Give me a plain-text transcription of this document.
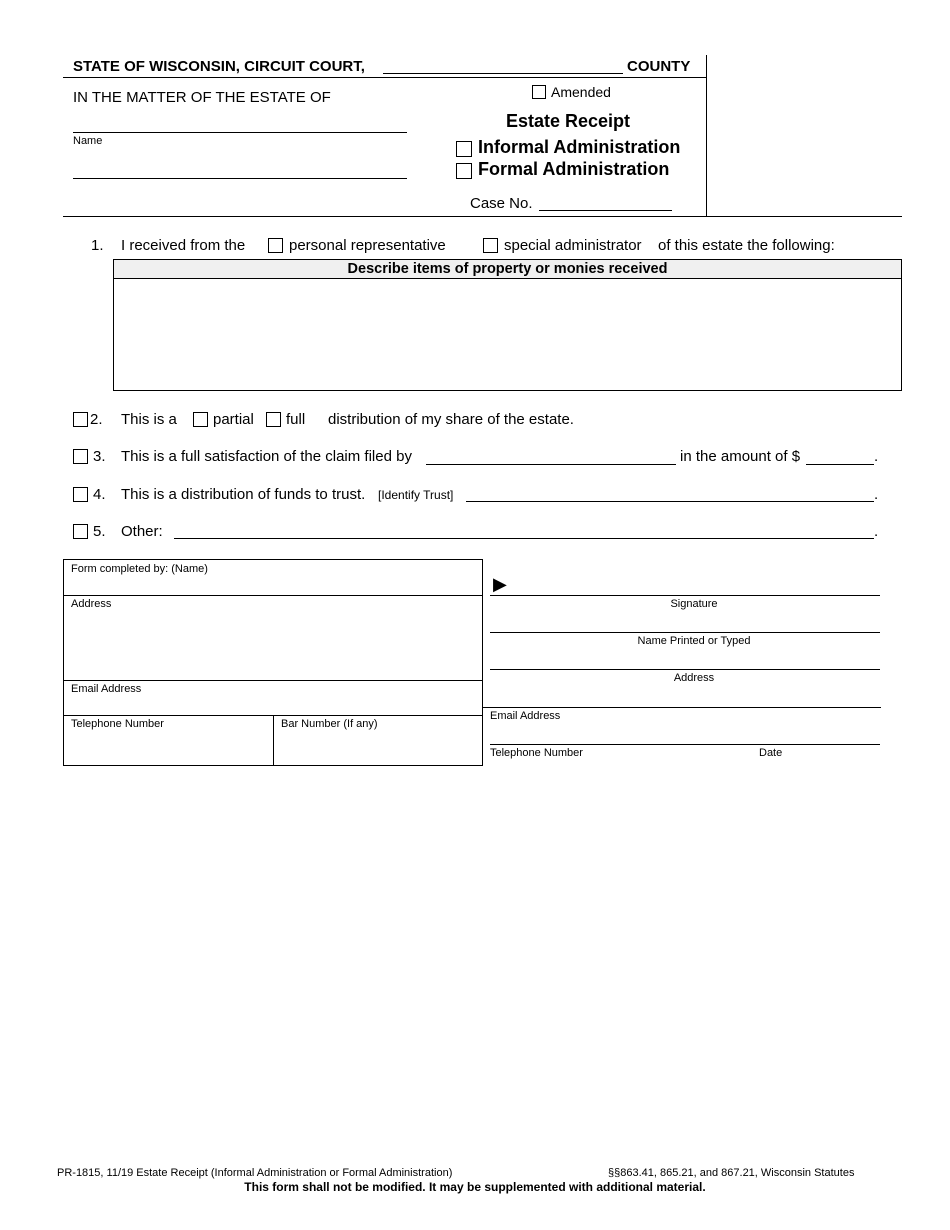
STATE OF WISCONSIN, CIRCUIT COURT,	COUNTY
IN THE MATTER OF THE ESTATE OF
Name
Amended
Estate Receipt
Informal Administration
Formal Administration
Case No.
1. I received from the	personal representative	special administrator of this estate the following:
Describe items of property or monies received
2. This is a partial full distribution of my share of the estate.
3. This is a full satisfaction of the claim filed by	in the amount of $	.
4. This is a distribution of funds to trust. [Identify Trust]	.
5. Other:	.
Form completed by: (Name)
Address
Email Address
Telephone Number	Bar Number (If any)
▶
Signature
Name Printed or Typed
Address
Email Address
Telephone Number	Date
PR-1815, 11/19 Estate Receipt (Informal Administration or Formal Administration)	§§863.41, 865.21, and 867.21, Wisconsin Statutes
This form shall not be modified. It may be supplemented with additional material.
